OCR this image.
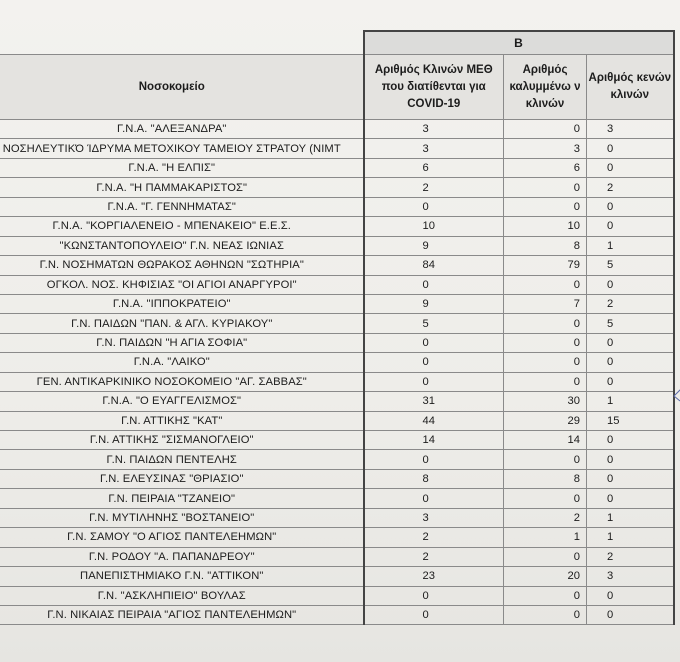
	B		
Νοσοκομείο	Αριθμός Κλινών ΜΕΘ που διατίθενται για COVID-19	Αριθμός καλυμμένω ν κλινών	Αριθμός κενών κλινών
Γ.Ν.Α. "ΑΛΕΞΑΝΔΡΑ"	3	0	3
ΝΟΣΗΛΕΥΤΙΚΌ ΊΔΡΥΜΑ ΜΕΤΟΧΙΚΟΥ ΤΑΜΕΙΟΥ ΣΤΡΑΤΟΥ (ΝΙΜΤ	3	3	0
Γ.Ν.Α. "Η ΕΛΠΙΣ"	6	6	0
Γ.Ν.Α. "Η ΠΑΜΜΑΚΑΡΙΣΤΟΣ"	2	0	2
Γ.Ν.Α. "Γ. ΓΕΝΝΗΜΑΤΑΣ"	0	0	0
Γ.Ν.Α. "ΚΟΡΓΙΑΛΕΝΕΙΟ - ΜΠΕΝΑΚΕΙΟ" Ε.Ε.Σ.	10	10	0
"ΚΩΝΣΤΑΝΤΟΠΟΥΛΕΙΟ" Γ.Ν. ΝΕΑΣ ΙΩΝΙΑΣ	9	8	1
Γ.Ν. ΝΟΣΗΜΑΤΩΝ ΘΩΡΑΚΟΣ ΑΘΗΝΩΝ "ΣΩΤΗΡΙΑ"	84	79	5
ΟΓΚΟΛ. ΝΟΣ. ΚΗΦΙΣΙΑΣ "ΟΙ ΑΓΙΟΙ ΑΝΑΡΓΥΡΟΙ"	0	0	0
Γ.Ν.Α. "ΙΠΠΟΚΡΑΤΕΙΟ"	9	7	2
Γ.Ν. ΠΑΙΔΩΝ "ΠΑΝ. & ΑΓΛ. ΚΥΡΙΑΚΟΥ"	5	0	5
Γ.Ν. ΠΑΙΔΩΝ "Η ΑΓΙΑ ΣΟΦΙΑ"	0	0	0
Γ.Ν.Α. "ΛΑΙΚΟ"	0	0	0
ΓΕΝ. ΑΝΤΙΚΑΡΚΙΝΙΚΟ ΝΟΣΟΚΟΜΕΙΟ "ΑΓ. ΣΑΒΒΑΣ"	0	0	0
Γ.Ν.Α. "Ο ΕΥΑΓΓΕΛΙΣΜΟΣ"	31	30	1
Γ.Ν. ΑΤΤΙΚΗΣ "ΚΑΤ"	44	29	15
Γ.Ν. ΑΤΤΙΚΗΣ "ΣΙΣΜΑΝΟΓΛΕΙΟ"	14	14	0
Γ.Ν. ΠΑΙΔΩΝ ΠΕΝΤΕΛΗΣ	0	0	0
Γ.Ν. ΕΛΕΥΣΙΝΑΣ "ΘΡΙΑΣΙΟ"	8	8	0
Γ.Ν. ΠΕΙΡΑΙΑ "ΤΖΑΝΕΙΟ"	0	0	0
Γ.Ν. ΜΥΤΙΛΗΝΗΣ "ΒΟΣΤΑΝΕΙΟ"	3	2	1
Γ.Ν. ΣΑΜΟΥ "Ο ΑΓΙΟΣ ΠΑΝΤΕΛΕΗΜΩΝ"	2	1	1
Γ.Ν. ΡΟΔΟΥ "Α. ΠΑΠΑΝΔΡΕΟΥ"	2	0	2
ΠΑΝΕΠΙΣΤΗΜΙΑΚΟ Γ.Ν. "ΑΤΤΙΚΟΝ"	23	20	3
Γ.Ν. "ΑΣΚΛΗΠΙΕΙΟ" ΒΟΥΛΑΣ	0	0	0
Γ.Ν. ΝΙΚΑΙΑΣ ΠΕΙΡΑΙΑ "ΑΓΙΟΣ ΠΑΝΤΕΛΕΗΜΩΝ"	0	0	0
